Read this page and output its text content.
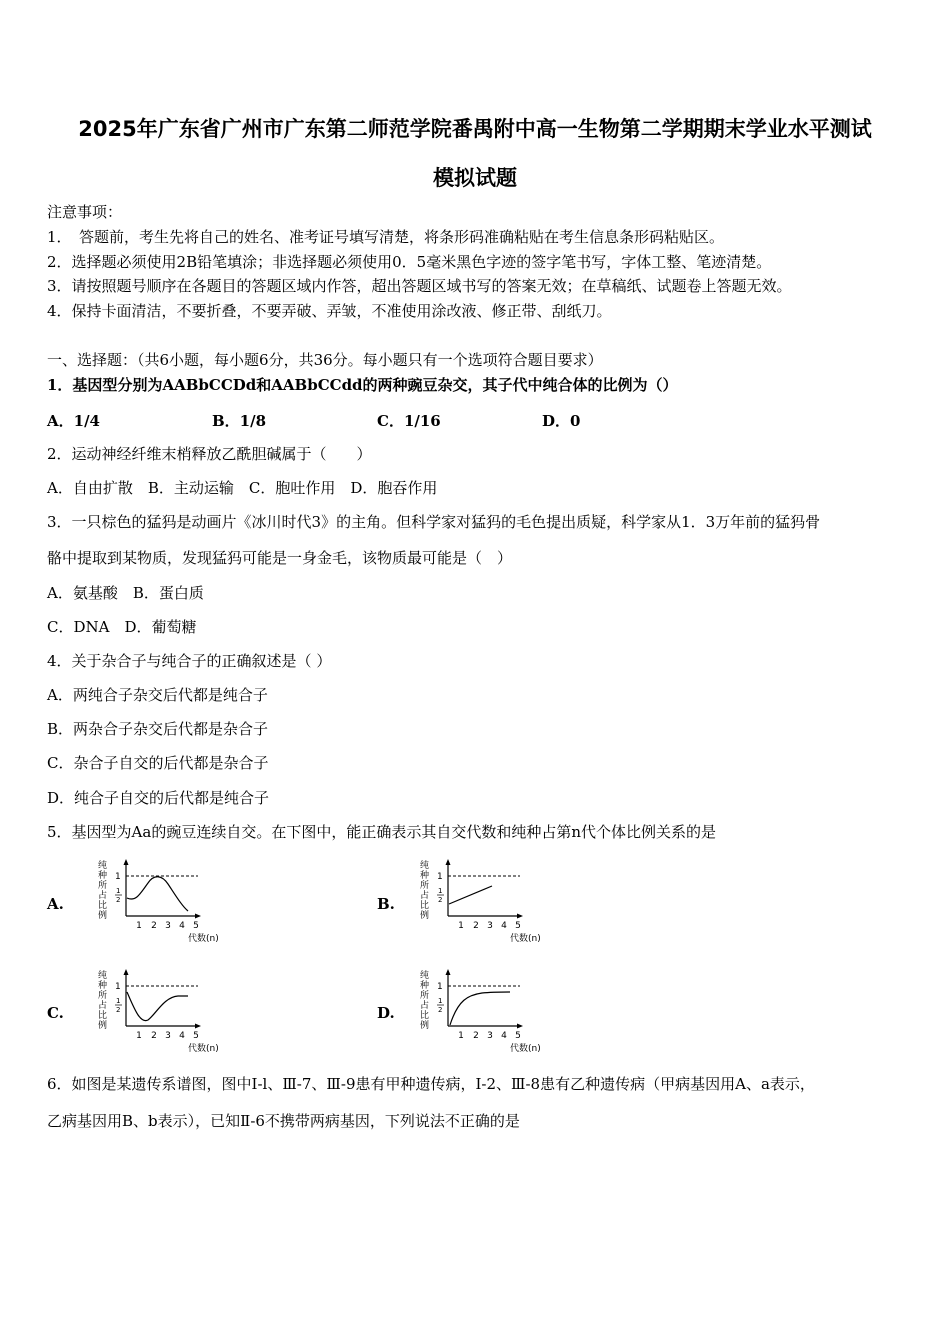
2025年广东省广州市广东第二师范学院番禺附中高一生物第二学期期末学业水平测试
模拟试题
注意事项：
1．　答题前，考生先将自己的姓名、准考证号填写清楚，将条形码准确粘贴在考生信息条形码粘贴区。
2．选择题必须使用2B铅笔填涂；非选择题必须使用0．5毫米黑色字迹的签字笔书写，字体工整、笔迹清楚。
3．请按照题号顺序在各题目的答题区域内作答，超出答题区域书写的答案无效；在草稿纸、试题卷上答题无效。
4．保持卡面清洁，不要折叠，不要弄破、弄皱，不准使用涂改液、修正带、刮纸刀。
一、选择题：（共6小题，每小题6分，共36分。每小题只有一个选项符合题目要求）
1．基因型分别为AABbCCDd和AABbCCdd的两种豌豆杂交，其子代中纯合体的比例为（）
A．1/4	B．1/8	C．1/16	D．0
2．运动神经纤维末梢释放乙酰胆碱属于（　　）
A．自由扩散　B．主动运输　C．胞吐作用　D．胞吞作用
3．一只棕色的猛犸是动画片《冰川时代3》的主角。但科学家对猛犸的毛色提出质疑，科学家从1．3万年前的猛犸骨
骼中提取到某物质，发现猛犸可能是一身金毛，该物质最可能是（　）
A．氨基酸　B．蛋白质
C．DNA　D．葡萄糖
4．关于杂合子与纯合子的正确叙述是（ ）
A．两纯合子杂交后代都是纯合子
B．两杂合子杂交后代都是杂合子
C．杂合子自交的后代都是杂合子
D．纯合子自交的后代都是纯合子
5．基因型为Aa的豌豆连续自交。在下图中，能正确表示其自交代数和纯种占第n代个体比例关系的是
A.	B.
C.	D.
纯
种
所
占
比
例
1
1
2
1 2 3 4 5
代数(n)
纯
种
所
占
比
例
1
1
2
1 2 3 4 5
代数(n)
纯
种
所
占
比
例
1
1
2
1 2 3 4 5
代数(n)
纯
种
所
占
比
例
1
1
2
1 2 3 4 5
代数(n)
6．如图是某遗传系谱图，图中Ⅰ-l、Ⅲ-7、Ⅲ-9患有甲种遗传病，Ⅰ-2、Ⅲ-8患有乙种遗传病（甲病基因用A、a表示，
乙病基因用B、b表示），已知Ⅱ-6不携带两病基因，下列说法不正确的是
